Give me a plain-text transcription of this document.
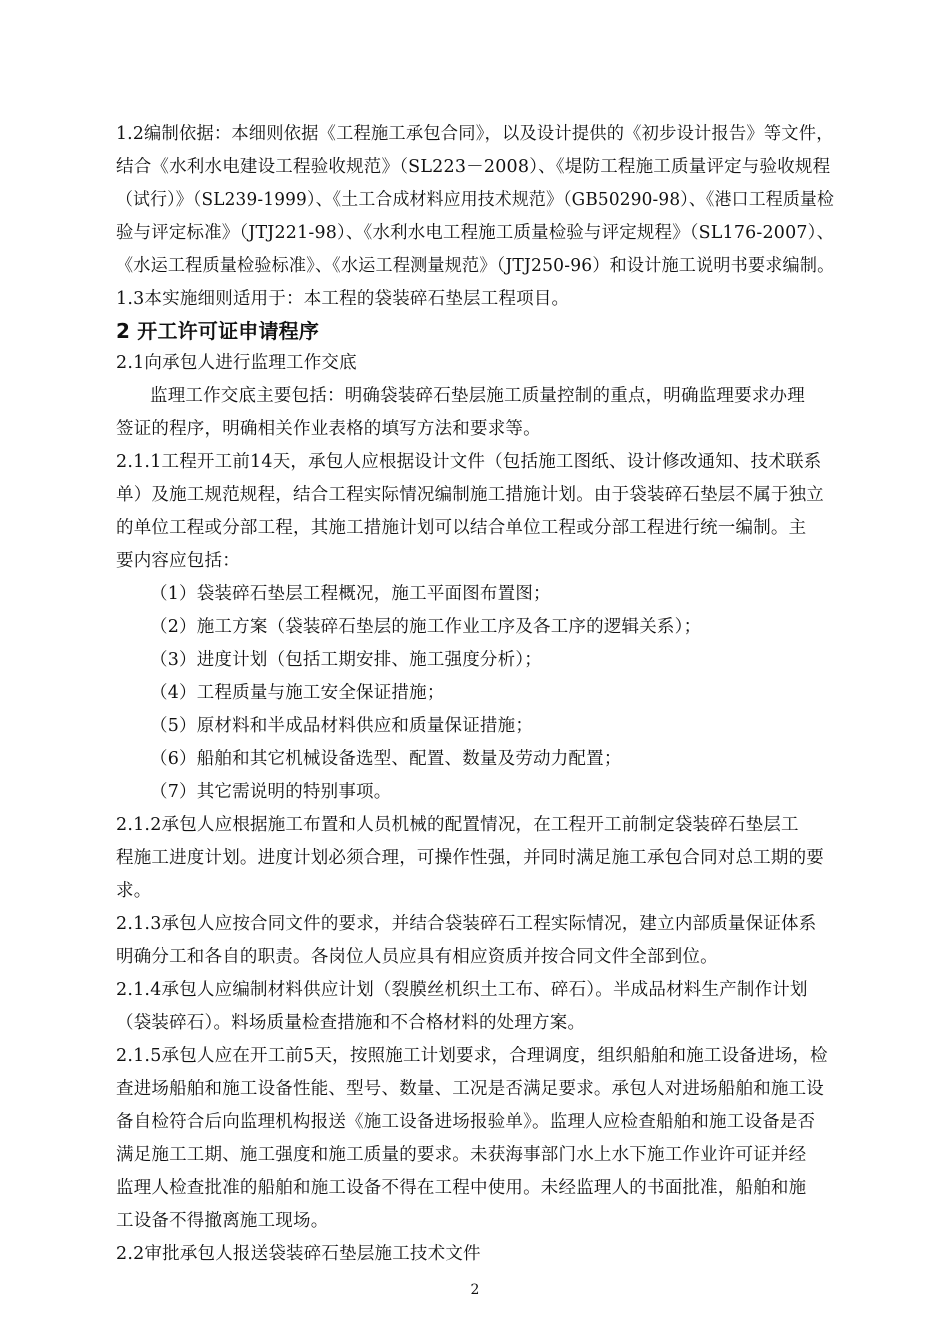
1.2编制依据：本细则依据《工程施工承包合同》，以及设计提供的《初步设计报告》等文件，
结合《水利水电建设工程验收规范》（SL223－2008）、《堤防工程施工质量评定与验收规程
（试行）》（SL239-1999）、《土工合成材料应用技术规范》（GB50290-98）、《港口工程质量检
验与评定标准》（JTJ221-98）、《水利水电工程施工质量检验与评定规程》（SL176-2007）、
《水运工程质量检验标准》、《水运工程测量规范》（JTJ250-96）和设计施工说明书要求编制。
1.3本实施细则适用于：本工程的袋装碎石垫层工程项目。
2 开工许可证申请程序
2.1向承包人进行监理工作交底
监理工作交底主要包括：明确袋装碎石垫层施工质量控制的重点，明确监理要求办理
签证的程序，明确相关作业表格的填写方法和要求等。
2.1.1工程开工前14天，承包人应根据设计文件（包括施工图纸、设计修改通知、技术联系
单）及施工规范规程，结合工程实际情况编制施工措施计划。由于袋装碎石垫层不属于独立
的单位工程或分部工程，其施工措施计划可以结合单位工程或分部工程进行统一编制。主
要内容应包括：
（1）袋装碎石垫层工程概况，施工平面图布置图；
（2）施工方案（袋装碎石垫层的施工作业工序及各工序的逻辑关系）；
（3）进度计划（包括工期安排、施工强度分析）；
（4）工程质量与施工安全保证措施；
（5）原材料和半成品材料供应和质量保证措施；
（6）船舶和其它机械设备选型、配置、数量及劳动力配置；
（7）其它需说明的特别事项。
2.1.2承包人应根据施工布置和人员机械的配置情况，在工程开工前制定袋装碎石垫层工
程施工进度计划。进度计划必须合理，可操作性强，并同时满足施工承包合同对总工期的要
求。
2.1.3承包人应按合同文件的要求，并结合袋装碎石工程实际情况，建立内部质量保证体系
明确分工和各自的职责。各岗位人员应具有相应资质并按合同文件全部到位。
2.1.4承包人应编制材料供应计划（裂膜丝机织土工布、碎石）。半成品材料生产制作计划
（袋装碎石）。料场质量检查措施和不合格材料的处理方案。
2.1.5承包人应在开工前5天，按照施工计划要求，合理调度，组织船舶和施工设备进场，检
查进场船舶和施工设备性能、型号、数量、工况是否满足要求。承包人对进场船舶和施工设
备自检符合后向监理机构报送《施工设备进场报验单》。监理人应检查船舶和施工设备是否
满足施工工期、施工强度和施工质量的要求。未获海事部门水上水下施工作业许可证并经
监理人检查批准的船舶和施工设备不得在工程中使用。未经监理人的书面批准，船舶和施
工设备不得撤离施工现场。
2.2审批承包人报送袋装碎石垫层施工技术文件
2
